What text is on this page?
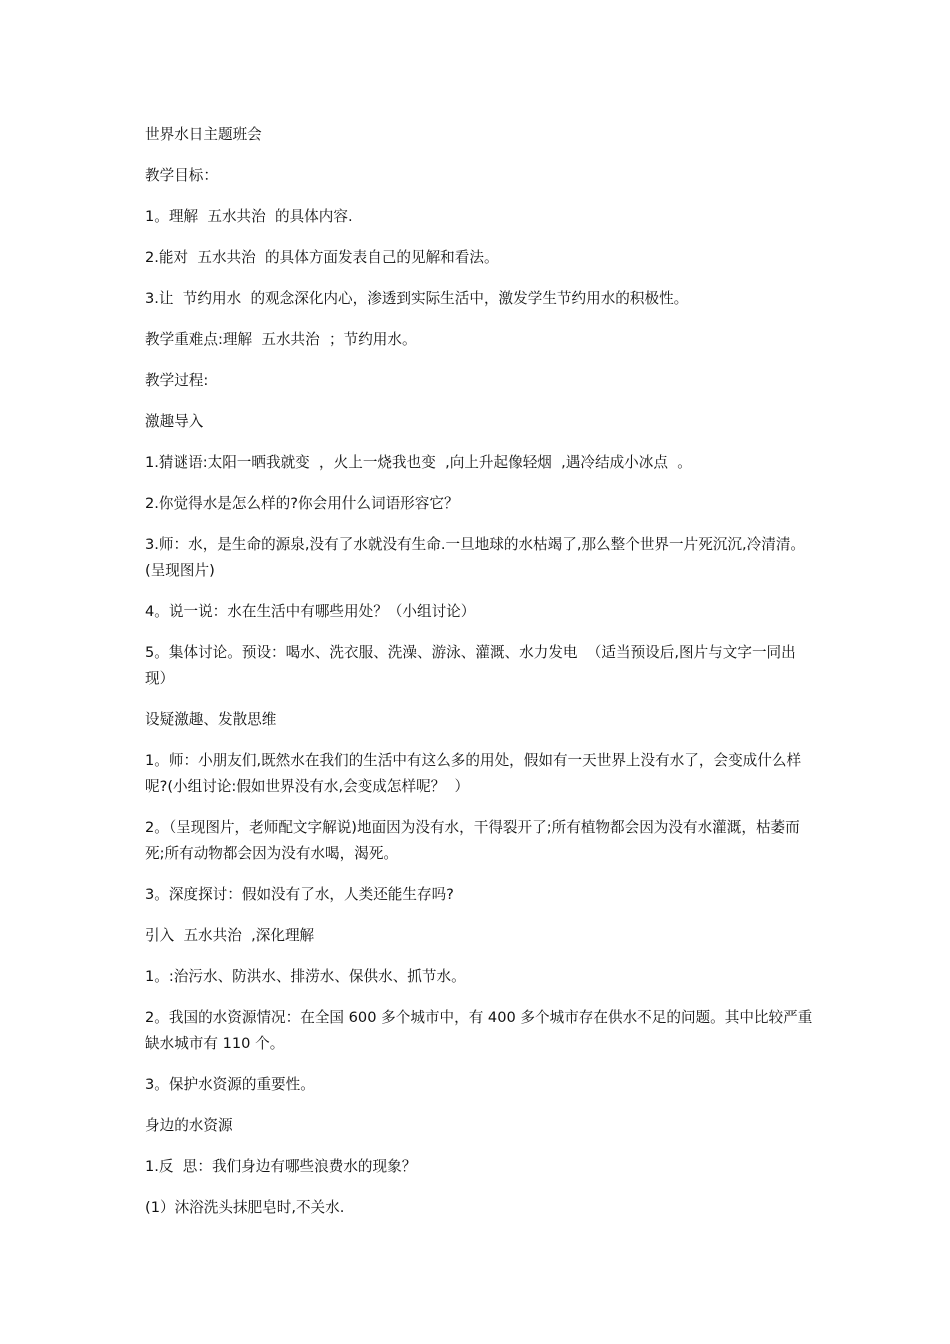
世界水日主题班会

教学目标：

1。理解  五水共治  的具体内容.

2.能对  五水共治  的具体方面发表自己的见解和看法。

3.让  节约用水  的观念深化内心，渗透到实际生活中，激发学生节约用水的积极性。

教学重难点:理解  五水共治  ；节约用水。

教学过程:

激趣导入

1.猜谜语:太阳一晒我就变  ，火上一烧我也变  ,向上升起像轻烟  ,遇冷结成小冰点  。

2.你觉得水是怎么样的?你会用什么词语形容它？

3.师：水，是生命的源泉,没有了水就没有生命.一旦地球的水枯竭了,那么整个世界一片死沉沉,冷清清。(呈现图片)

4。说一说：水在生活中有哪些用处？（小组讨论）

5。集体讨论。预设：喝水、洗衣服、洗澡、游泳、灌溉、水力发电  （适当预设后,图片与文字一同出现）

设疑激趣、发散思维

1。师：小朋友们,既然水在我们的生活中有这么多的用处，假如有一天世界上没有水了，会变成什么样呢?(小组讨论:假如世界没有水,会变成怎样呢？  ）

2。（呈现图片，老师配文字解说)地面因为没有水，干得裂开了;所有植物都会因为没有水灌溉，枯萎而死;所有动物都会因为没有水喝，渴死。

3。深度探讨：假如没有了水，人类还能生存吗?

引入  五水共治  ,深化理解

1。:治污水、防洪水、排涝水、保供水、抓节水。

2。我国的水资源情况：在全国 600 多个城市中，有 400 多个城市存在供水不足的问题。其中比较严重缺水城市有 110 个。

3。保护水资源的重要性。

身边的水资源

1.反  思：我们身边有哪些浪费水的现象？

(1）沐浴洗头抹肥皂时,不关水.
